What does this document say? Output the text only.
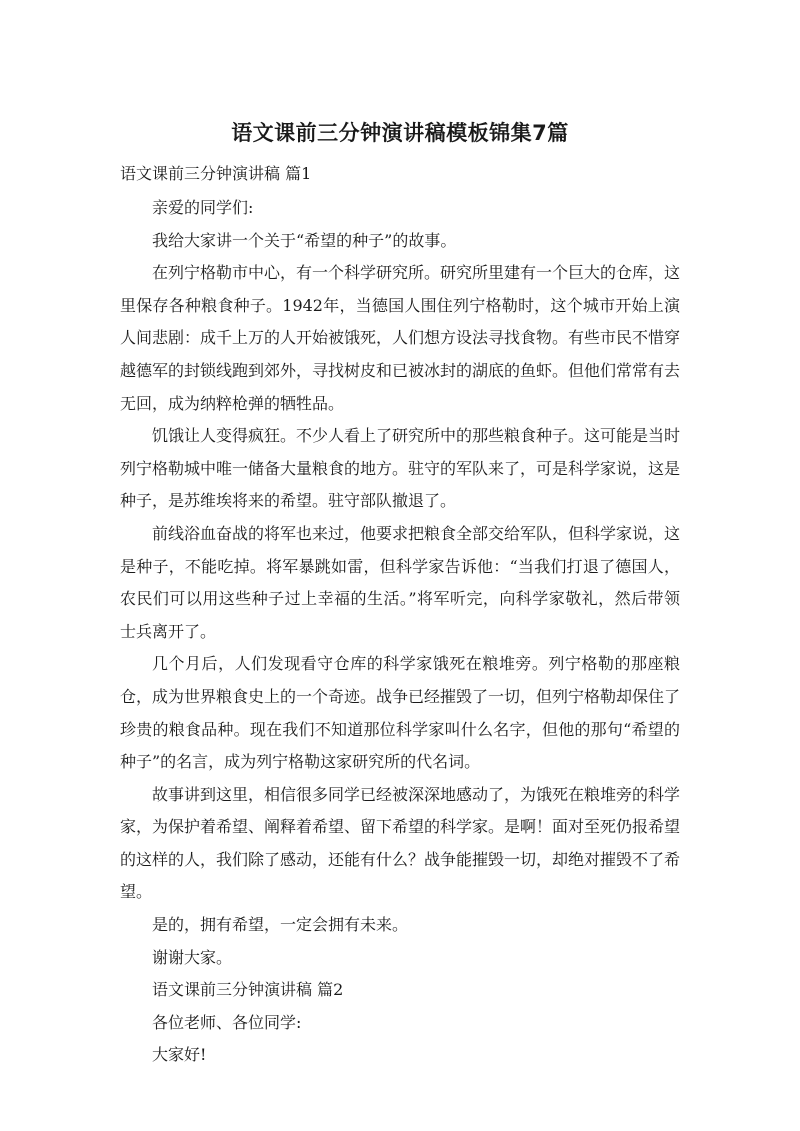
语文课前三分钟演讲稿模板锦集7篇

语文课前三分钟演讲稿 篇1

亲爱的同学们:

我给大家讲一个关于“希望的种子”的故事。

在列宁格勒市中心，有一个科学研究所。研究所里建有一个巨大的仓库，这里保存各种粮食种子。1942年，当德国人围住列宁格勒时，这个城市开始上演人间悲剧：成千上万的人开始被饿死，人们想方设法寻找食物。有些市民不惜穿越德军的封锁线跑到郊外，寻找树皮和已被冰封的湖底的鱼虾。但他们常常有去无回，成为纳粹枪弹的牺牲品。

饥饿让人变得疯狂。不少人看上了研究所中的那些粮食种子。这可能是当时列宁格勒城中唯一储备大量粮食的地方。驻守的军队来了，可是科学家说，这是种子，是苏维埃将来的希望。驻守部队撤退了。

前线浴血奋战的将军也来过，他要求把粮食全部交给军队，但科学家说，这是种子，不能吃掉。将军暴跳如雷，但科学家告诉他：“当我们打退了德国人，农民们可以用这些种子过上幸福的生活。”将军听完，向科学家敬礼，然后带领士兵离开了。

几个月后，人们发现看守仓库的科学家饿死在粮堆旁。列宁格勒的那座粮仓，成为世界粮食史上的一个奇迹。战争已经摧毁了一切，但列宁格勒却保住了珍贵的粮食品种。现在我们不知道那位科学家叫什么名字，但他的那句“希望的种子”的名言，成为列宁格勒这家研究所的代名词。

故事讲到这里，相信很多同学已经被深深地感动了，为饿死在粮堆旁的科学家，为保护着希望、阐释着希望、留下希望的科学家。是啊！面对至死仍报希望的这样的人，我们除了感动，还能有什么？战争能摧毁一切，却绝对摧毁不了希望。

是的，拥有希望，一定会拥有未来。

谢谢大家。

语文课前三分钟演讲稿 篇2

各位老师、各位同学:

大家好!
